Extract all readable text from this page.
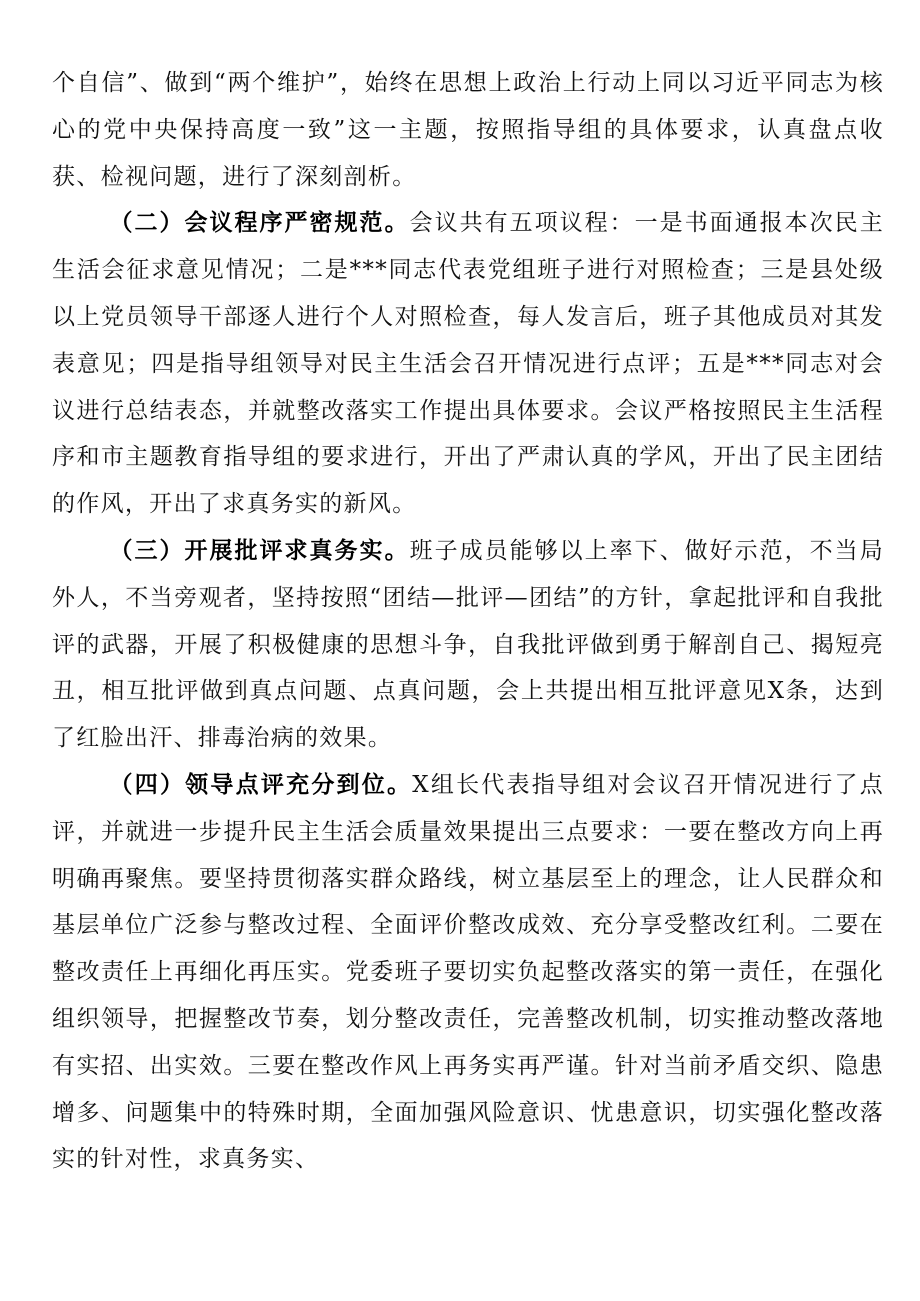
个自信”、做到“两个维护”，始终在思想上政治上行动上同以习近平同志为核心的党中央保持高度一致”这一主题，按照指导组的具体要求，认真盘点收获、检视问题，进行了深刻剖析。

（二）会议程序严密规范。会议共有五项议程：一是书面通报本次民主生活会征求意见情况；二是***同志代表党组班子进行对照检查；三是县处级以上党员领导干部逐人进行个人对照检查，每人发言后，班子其他成员对其发表意见；四是指导组领导对民主生活会召开情况进行点评；五是***同志对会议进行总结表态，并就整改落实工作提出具体要求。会议严格按照民主生活程序和市主题教育指导组的要求进行，开出了严肃认真的学风，开出了民主团结的作风，开出了求真务实的新风。

（三）开展批评求真务实。班子成员能够以上率下、做好示范，不当局外人，不当旁观者，坚持按照“团结—批评—团结”的方针，拿起批评和自我批评的武器，开展了积极健康的思想斗争，自我批评做到勇于解剖自己、揭短亮丑，相互批评做到真点问题、点真问题，会上共提出相互批评意见X条，达到了红脸出汗、排毒治病的效果。

（四）领导点评充分到位。X组长代表指导组对会议召开情况进行了点评，并就进一步提升民主生活会质量效果提出三点要求：一要在整改方向上再明确再聚焦。要坚持贯彻落实群众路线，树立基层至上的理念，让人民群众和基层单位广泛参与整改过程、全面评价整改成效、充分享受整改红利。二要在整改责任上再细化再压实。党委班子要切实负起整改落实的第一责任，在强化组织领导，把握整改节奏，划分整改责任，完善整改机制，切实推动整改落地有实招、出实效。三要在整改作风上再务实再严谨。针对当前矛盾交织、隐患增多、问题集中的特殊时期，全面加强风险意识、忧患意识，切实强化整改落实的针对性，求真务实、
